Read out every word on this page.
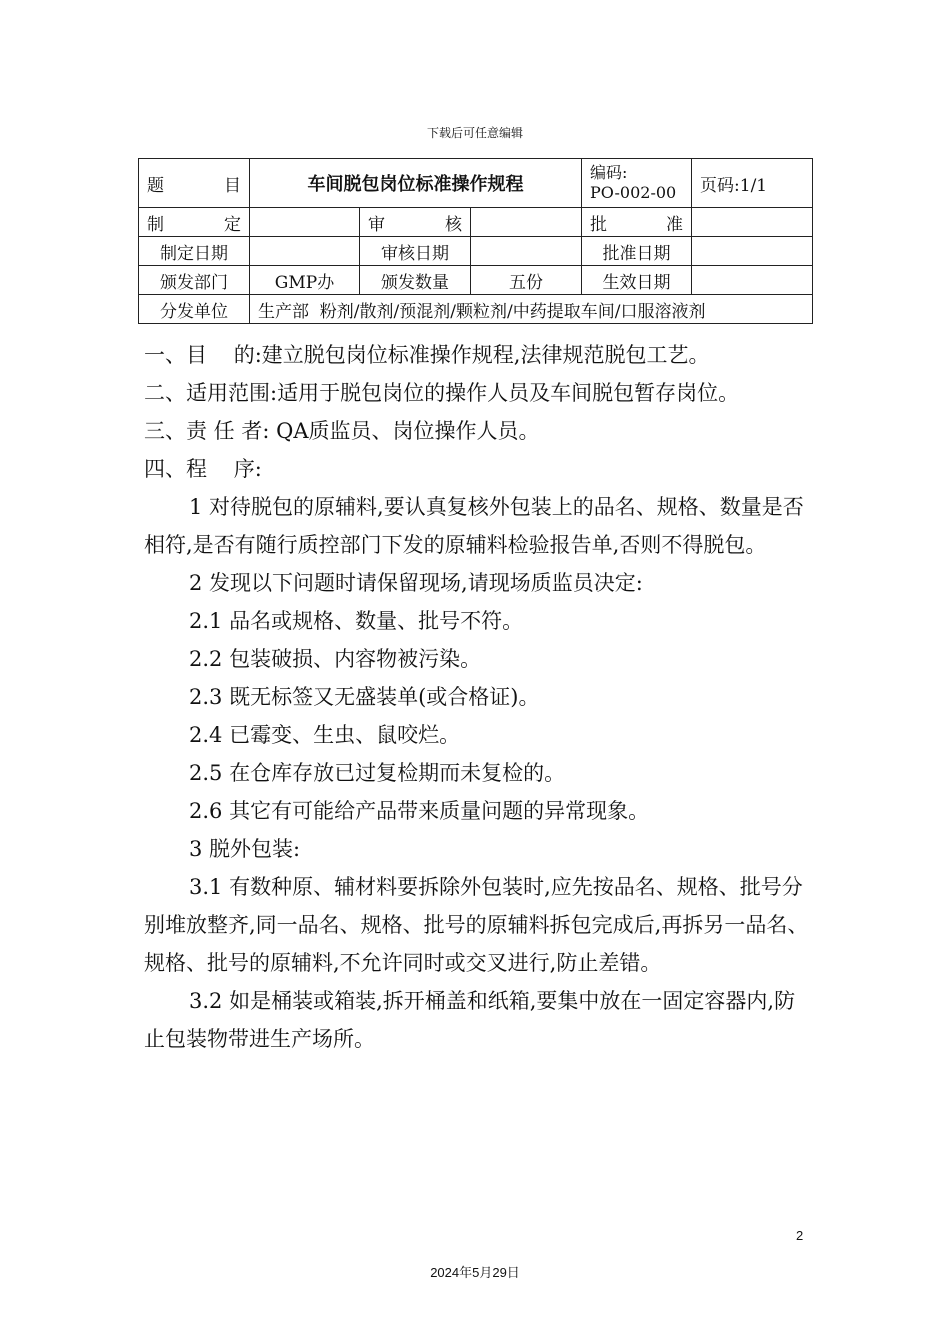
下载后可任意编辑
题 目	车间脱包岗位标准操作规程			编码:
PO-002-00	页码:1/1
制 定		审 核		批 准	
制定日期		审核日期		批准日期	
颁发部门	GMP办	颁发数量	五份	生效日期	
分发单位	生产部  粉剂/散剂/预混剂/颗粒剂/中药提取车间/口服溶液剂				

一、目    的:建立脱包岗位标准操作规程,法律规范脱包工艺。

二、适用范围:适用于脱包岗位的操作人员及车间脱包暂存岗位。

三、责 任 者: QA质监员、岗位操作人员。

四、程    序:

1 对待脱包的原辅料,要认真复核外包装上的品名、规格、数量是否相符,是否有随行质控部门下发的原辅料检验报告单,否则不得脱包。

2 发现以下问题时请保留现场,请现场质监员决定:

2.1 品名或规格、数量、批号不符。

2.2 包装破损、内容物被污染。

2.3 既无标签又无盛装单(或合格证)。

2.4 已霉变、生虫、鼠咬烂。

2.5 在仓库存放已过复检期而未复检的。

2.6 其它有可能给产品带来质量问题的异常现象。

3 脱外包装:

3.1 有数种原、辅材料要拆除外包装时,应先按品名、规格、批号分别堆放整齐,同一品名、规格、批号的原辅料拆包完成后,再拆另一品名、规格、批号的原辅料,不允许同时或交叉进行,防止差错。

3.2 如是桶装或箱装,拆开桶盖和纸箱,要集中放在一固定容器内,防止包装物带进生产场所。

2
2024年5月29日
